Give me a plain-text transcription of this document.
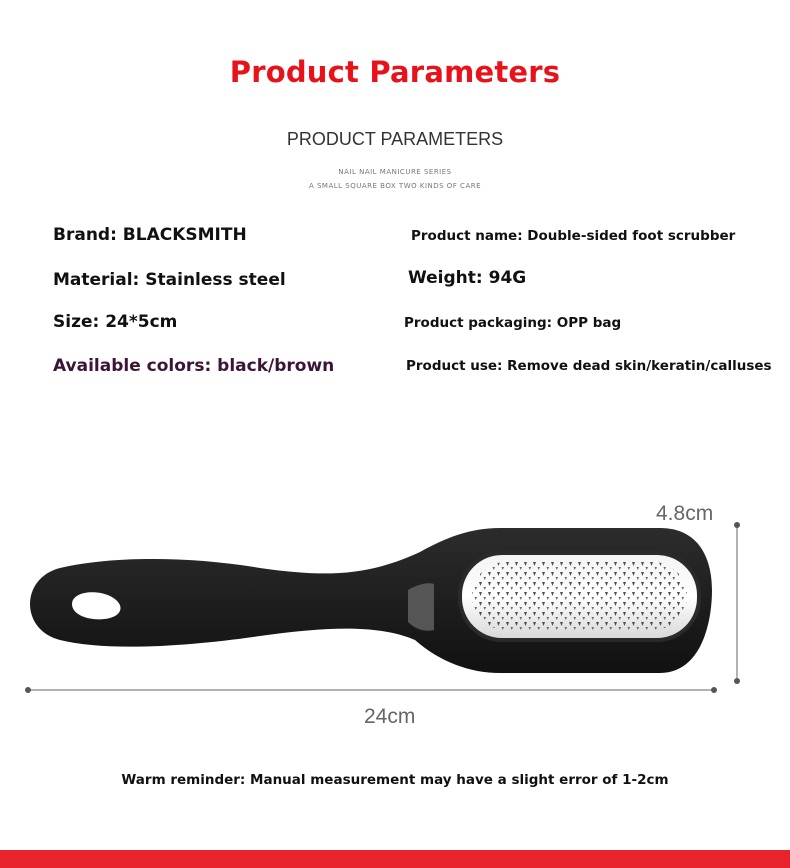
Product Parameters
PRODUCT PARAMETERS
NAIL NAIL MANICURE SERIES
A SMALL SQUARE BOX TWO KINDS OF CARE
Brand: BLACKSMITH	Product name: Double-sided foot scrubber
Material: Stainless steel	Weight: 94G
Size: 24*5cm	Product packaging: OPP bag
Available colors: black/brown	Product use: Remove dead skin/keratin/calluses
4.8cm
24cm
Warm reminder: Manual measurement may have a slight error of 1-2cm
